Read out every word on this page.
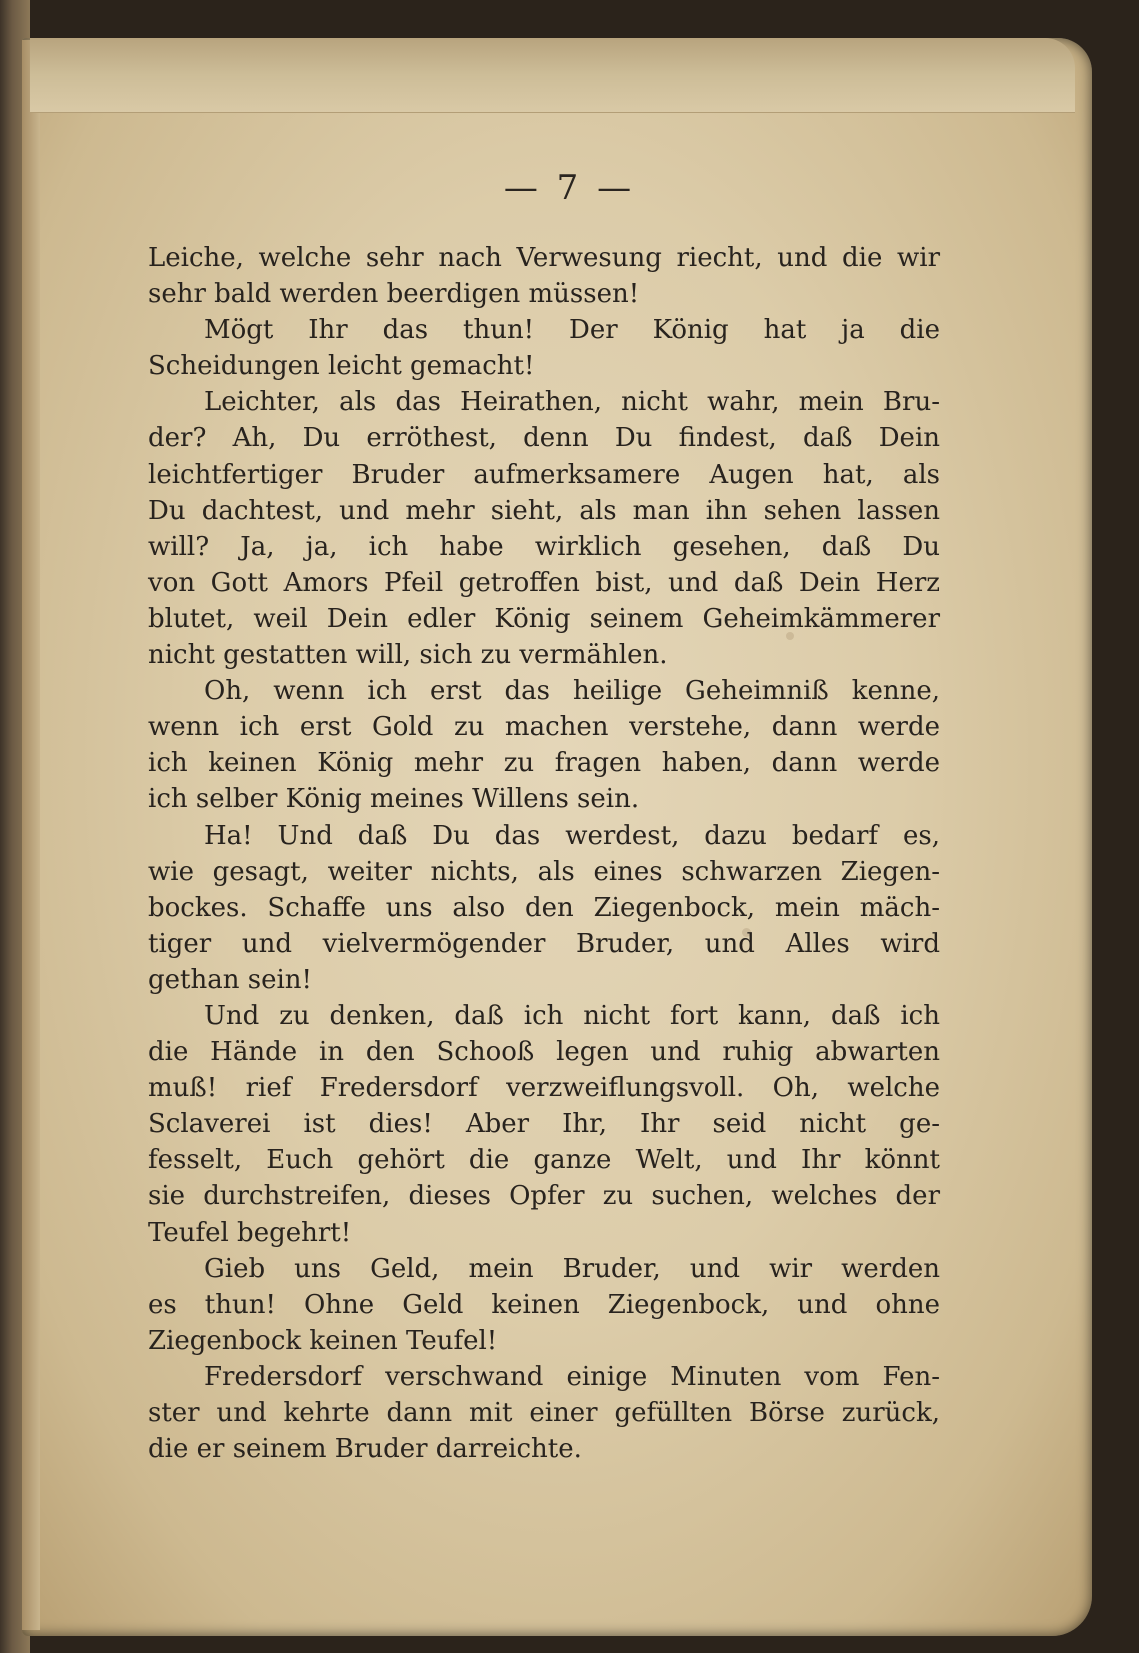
— 7 —
Leiche, welche sehr nach Verwesung riecht, und die wir
sehr bald werden beerdigen müssen!
Mögt Ihr das thun! Der König hat ja die
Scheidungen leicht gemacht!
Leichter, als das Heirathen, nicht wahr, mein Bru-
der? Ah, Du erröthest, denn Du findest, daß Dein
leichtfertiger Bruder aufmerksamere Augen hat, als
Du dachtest, und mehr sieht, als man ihn sehen lassen
will? Ja, ja, ich habe wirklich gesehen, daß Du
von Gott Amors Pfeil getroffen bist, und daß Dein Herz
blutet, weil Dein edler König seinem Geheimkämmerer
nicht gestatten will, sich zu vermählen.
Oh, wenn ich erst das heilige Geheimniß kenne,
wenn ich erst Gold zu machen verstehe, dann werde
ich keinen König mehr zu fragen haben, dann werde
ich selber König meines Willens sein.
Ha! Und daß Du das werdest, dazu bedarf es,
wie gesagt, weiter nichts, als eines schwarzen Ziegen-
bockes. Schaffe uns also den Ziegenbock, mein mäch-
tiger und vielvermögender Bruder, und Alles wird
gethan sein!
Und zu denken, daß ich nicht fort kann, daß ich
die Hände in den Schooß legen und ruhig abwarten
muß! rief Fredersdorf verzweiflungsvoll. Oh, welche
Sclaverei ist dies! Aber Ihr, Ihr seid nicht ge-
fesselt, Euch gehört die ganze Welt, und Ihr könnt
sie durchstreifen, dieses Opfer zu suchen, welches der
Teufel begehrt!
Gieb uns Geld, mein Bruder, und wir werden
es thun! Ohne Geld keinen Ziegenbock, und ohne
Ziegenbock keinen Teufel!
Fredersdorf verschwand einige Minuten vom Fen-
ster und kehrte dann mit einer gefüllten Börse zurück,
die er seinem Bruder darreichte.
